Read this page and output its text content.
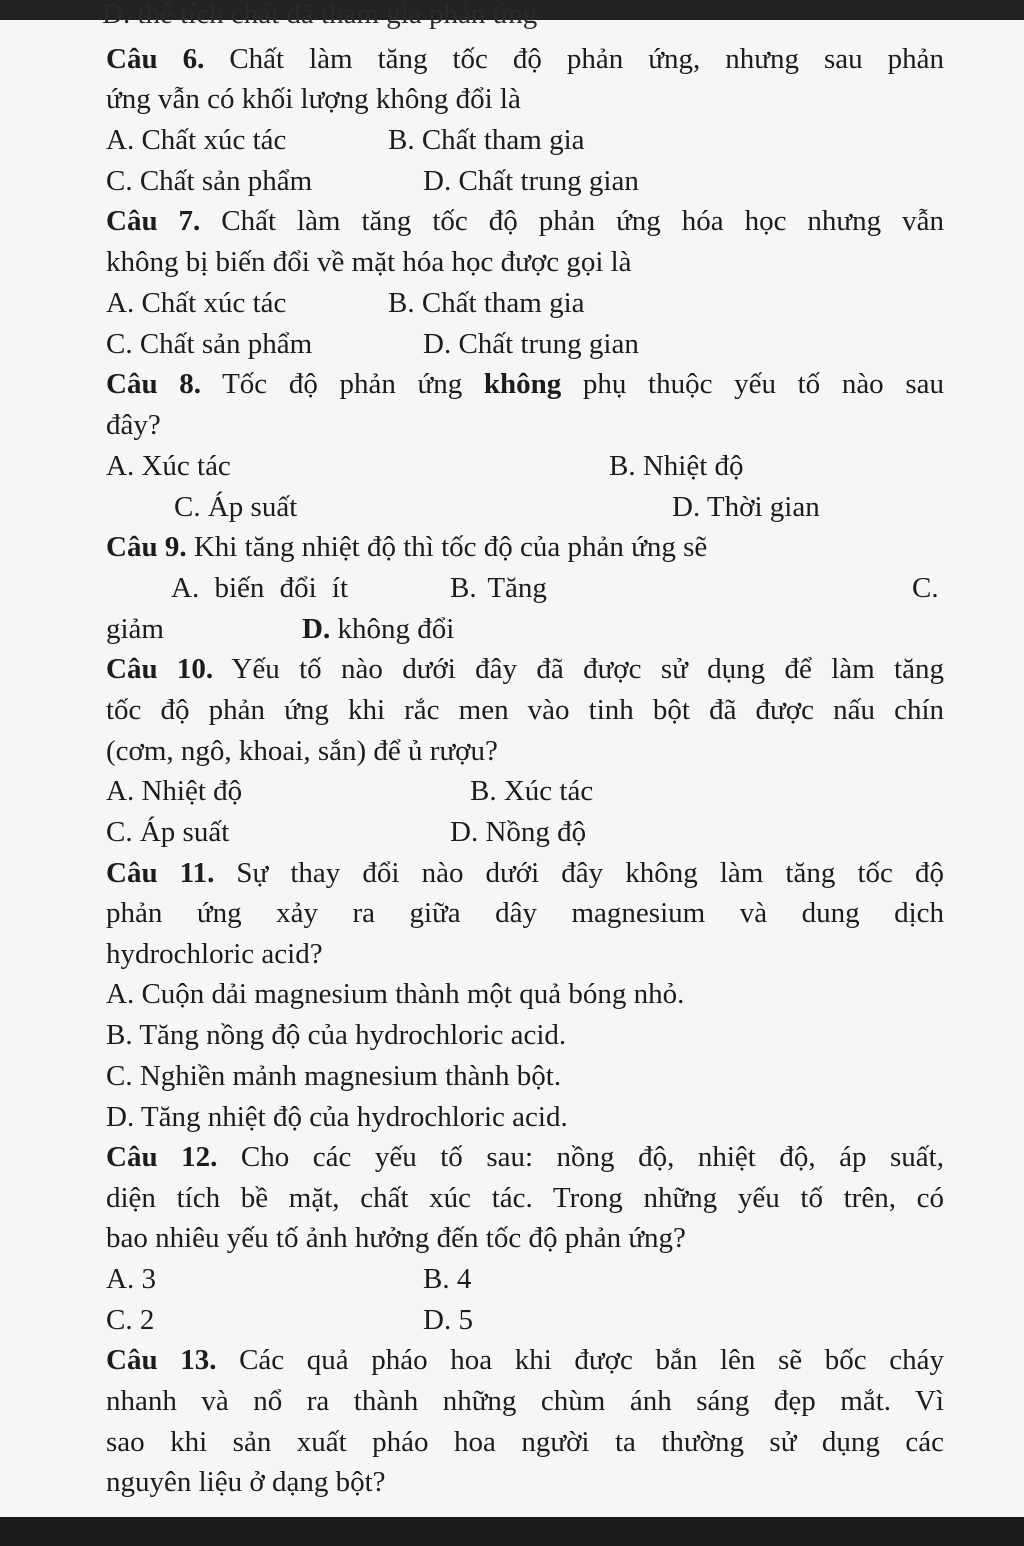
D. thể tích chất đã tham gia phản ứng
Câu 6. Chất làm tăng tốc độ phản ứng, nhưng sau phản
ứng vẫn có khối lượng không đổi là
A. Chất xúc tác	B. Chất tham gia
C. Chất sản phẩm	D. Chất trung gian
Câu 7. Chất làm tăng tốc độ phản ứng hóa học nhưng vẫn
không bị biến đổi về mặt hóa học được gọi là
A. Chất xúc tác	B. Chất tham gia
C. Chất sản phẩm	D. Chất trung gian
Câu 8. Tốc độ phản ứng không phụ thuộc yếu tố nào sau
đây?
A. Xúc tác	B. Nhiệt độ
C. Áp suất	D. Thời gian
Câu 9. Khi tăng nhiệt độ thì tốc độ của phản ứng sẽ
A. biến đổi ít	B. Tăng	C.
giảm	D. không đổi
Câu 10. Yếu tố nào dưới đây đã được sử dụng để làm tăng
tốc độ phản ứng khi rắc men vào tinh bột đã được nấu chín
(cơm, ngô, khoai, sắn) để ủ rượu?
A. Nhiệt độ	B. Xúc tác
C. Áp suất	D. Nồng độ
Câu 11. Sự thay đổi nào dưới đây không làm tăng tốc độ
phản ứng xảy ra giữa dây magnesium và dung dịch
hydrochloric acid?
A. Cuộn dải magnesium thành một quả bóng nhỏ.
B. Tăng nồng độ của hydrochloric acid.
C. Nghiền mảnh magnesium thành bột.
D. Tăng nhiệt độ của hydrochloric acid.
Câu 12. Cho các yếu tố sau: nồng độ, nhiệt độ, áp suất,
diện tích bề mặt, chất xúc tác. Trong những yếu tố trên, có
bao nhiêu yếu tố ảnh hưởng đến tốc độ phản ứng?
A. 3	B. 4
C. 2	D. 5
Câu 13. Các quả pháo hoa khi được bắn lên sẽ bốc cháy
nhanh và nổ ra thành những chùm ánh sáng đẹp mắt. Vì
sao khi sản xuất pháo hoa người ta thường sử dụng các
nguyên liệu ở dạng bột?
